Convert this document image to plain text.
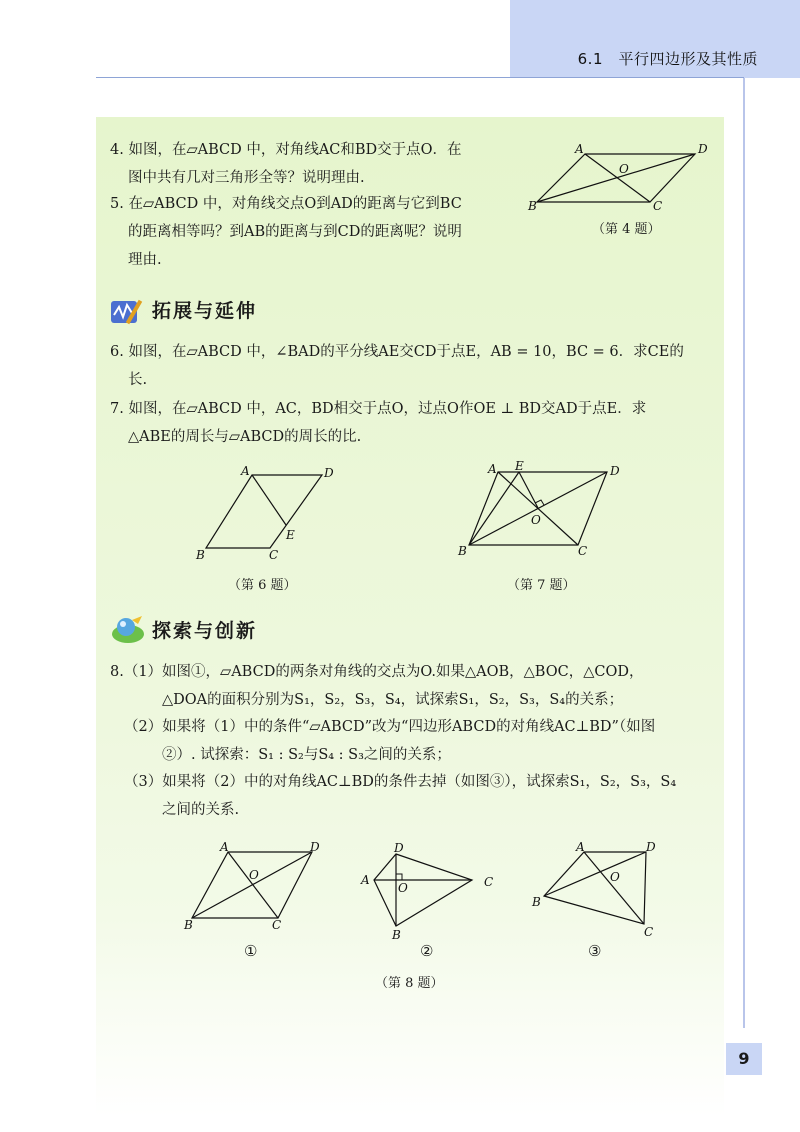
6.1　平行四边形及其性质
4. 如图，在▱ABCD 中，对角线AC和BD交于点O．在
图中共有几对三角形全等？说明理由.
5. 在▱ABCD 中，对角线交点O到AD的距离与它到BC
的距离相等吗？到AB的距离与到CD的距离呢？说明
理由.
A	D
O
B	C
（第 4 题）
拓展与延伸
6. 如图，在▱ABCD 中，∠BAD的平分线AE交CD于点E，AB = 10，BC = 6．求CE的
长.
7. 如图，在▱ABCD 中，AC，BD相交于点O，过点O作OE ⊥ BD交AD于点E．求
△ABE的周长与▱ABCD的周长的比.
A	D
E
B	C
（第 6 题）
A E	D
O
B	C
（第 7 题）
探索与创新
8.（1）如图①，▱ABCD的两条对角线的交点为O.如果△AOB，△BOC，△COD，
△DOA的面积分别为S₁，S₂，S₃，S₄，试探索S₁，S₂，S₃，S₄的关系；
（2）如果将（1）中的条件“▱ABCD”改为“四边形ABCD的对角线AC⊥BD”（如图
②）. 试探索：S₁ : S₂与S₄ : S₃之间的关系；
（3）如果将（2）中的对角线AC⊥BD的条件去掉（如图③），试探索S₁，S₂，S₃，S₄
之间的关系.
A	D
O
B	C
D
A
O	C
B
A	D
O
B
C
①	②	③
（第 8 题）
9
